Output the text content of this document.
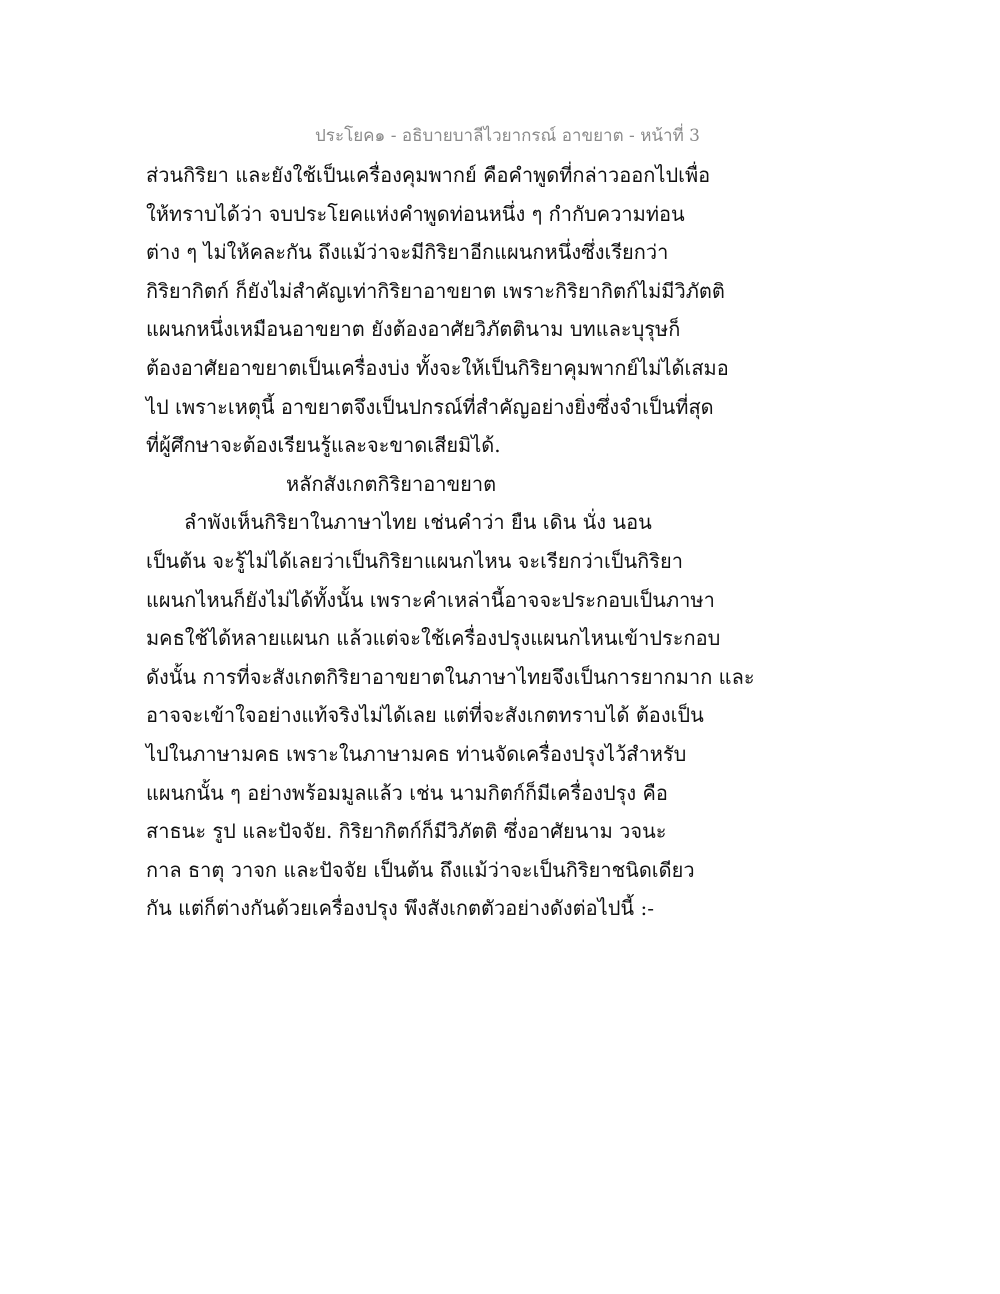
ประโยค๑ - อธิบายบาลีไวยากรณ์ อาขยาต - หน้าที่ 3
ส่วนกิริยา และยังใช้เป็นเครื่องคุมพากย์ คือคำพูดที่กล่าวออกไปเพื่อ
ให้ทราบได้ว่า จบประโยคแห่งคำพูดท่อนหนึ่ง ๆ กำกับความท่อน
ต่าง ๆ ไม่ให้คละกัน ถึงแม้ว่าจะมีกิริยาอีกแผนกหนึ่งซึ่งเรียกว่า
กิริยากิตก์ ก็ยังไม่สำคัญเท่ากิริยาอาขยาต เพราะกิริยากิตก์ไม่มีวิภัตติ
แผนกหนึ่งเหมือนอาขยาต ยังต้องอาศัยวิภัตตินาม บทและบุรุษก็
ต้องอาศัยอาขยาตเป็นเครื่องบ่ง ทั้งจะให้เป็นกิริยาคุมพากย์ไม่ได้เสมอ
ไป เพราะเหตุนี้ อาขยาตจึงเป็นปกรณ์ที่สำคัญอย่างยิ่งซึ่งจำเป็นที่สุด
ที่ผู้ศึกษาจะต้องเรียนรู้และจะขาดเสียมิได้.
หลักสังเกตกิริยาอาขยาต
ลำพังเห็นกิริยาในภาษาไทย เช่นคำว่า ยืน เดิน นั่ง นอน
เป็นต้น จะรู้ไม่ได้เลยว่าเป็นกิริยาแผนกไหน จะเรียกว่าเป็นกิริยา
แผนกไหนก็ยังไม่ได้ทั้งนั้น เพราะคำเหล่านี้อาจจะประกอบเป็นภาษา
มคธใช้ได้หลายแผนก แล้วแต่จะใช้เครื่องปรุงแผนกไหนเข้าประกอบ
ดังนั้น การที่จะสังเกตกิริยาอาขยาตในภาษาไทยจึงเป็นการยากมาก และ
อาจจะเข้าใจอย่างแท้จริงไม่ได้เลย แต่ที่จะสังเกตทราบได้ ต้องเป็น
ไปในภาษามคธ เพราะในภาษามคธ ท่านจัดเครื่องปรุงไว้สำหรับ
แผนกนั้น ๆ อย่างพร้อมมูลแล้ว เช่น นามกิตก์ก็มีเครื่องปรุง คือ
สาธนะ รูป และปัจจัย. กิริยากิตก์ก็มีวิภัตติ ซึ่งอาศัยนาม วจนะ
กาล ธาตุ วาจก และปัจจัย เป็นต้น ถึงแม้ว่าจะเป็นกิริยาชนิดเดียว
กัน แต่ก็ต่างกันด้วยเครื่องปรุง พึงสังเกตตัวอย่างดังต่อไปนี้ :-
